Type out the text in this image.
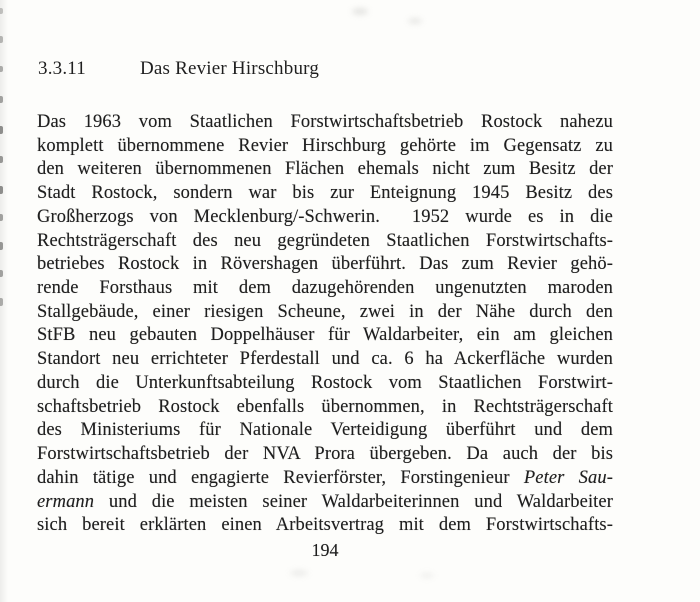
3.3.11	Das Revier Hirschburg
Das 1963 vom Staatlichen Forstwirtschaftsbetrieb Rostock nahezu
komplett übernommene Revier Hirschburg gehörte im Gegensatz zu
den weiteren übernommenen Flächen ehemals nicht zum Besitz der
Stadt Rostock, sondern war bis zur Enteignung 1945 Besitz des
Großherzogs von Mecklenburg/-Schwerin.  1952 wurde es in die
Rechtsträgerschaft des neu gegründeten Staatlichen Forstwirtschafts-
betriebes Rostock in Rövershagen überführt. Das zum Revier gehö-
rende Forsthaus mit dem dazugehörenden ungenutzten maroden
Stallgebäude, einer riesigen Scheune, zwei in der Nähe durch den
StFB neu gebauten Doppelhäuser für Waldarbeiter, ein am gleichen
Standort neu errichteter Pferdestall und ca. 6 ha Ackerfläche wurden
durch die Unterkunftsabteilung Rostock vom Staatlichen Forstwirt-
schaftsbetrieb Rostock ebenfalls übernommen, in Rechtsträgerschaft
des Ministeriums für Nationale Verteidigung überführt und dem
Forstwirtschaftsbetrieb der NVA Prora übergeben. Da auch der bis
dahin tätige und engagierte Revierförster, Forstingenieur Peter Sau-
ermann und die meisten seiner Waldarbeiterinnen und Waldarbeiter
sich bereit erklärten einen Arbeitsvertrag mit dem Forstwirtschafts-
194
